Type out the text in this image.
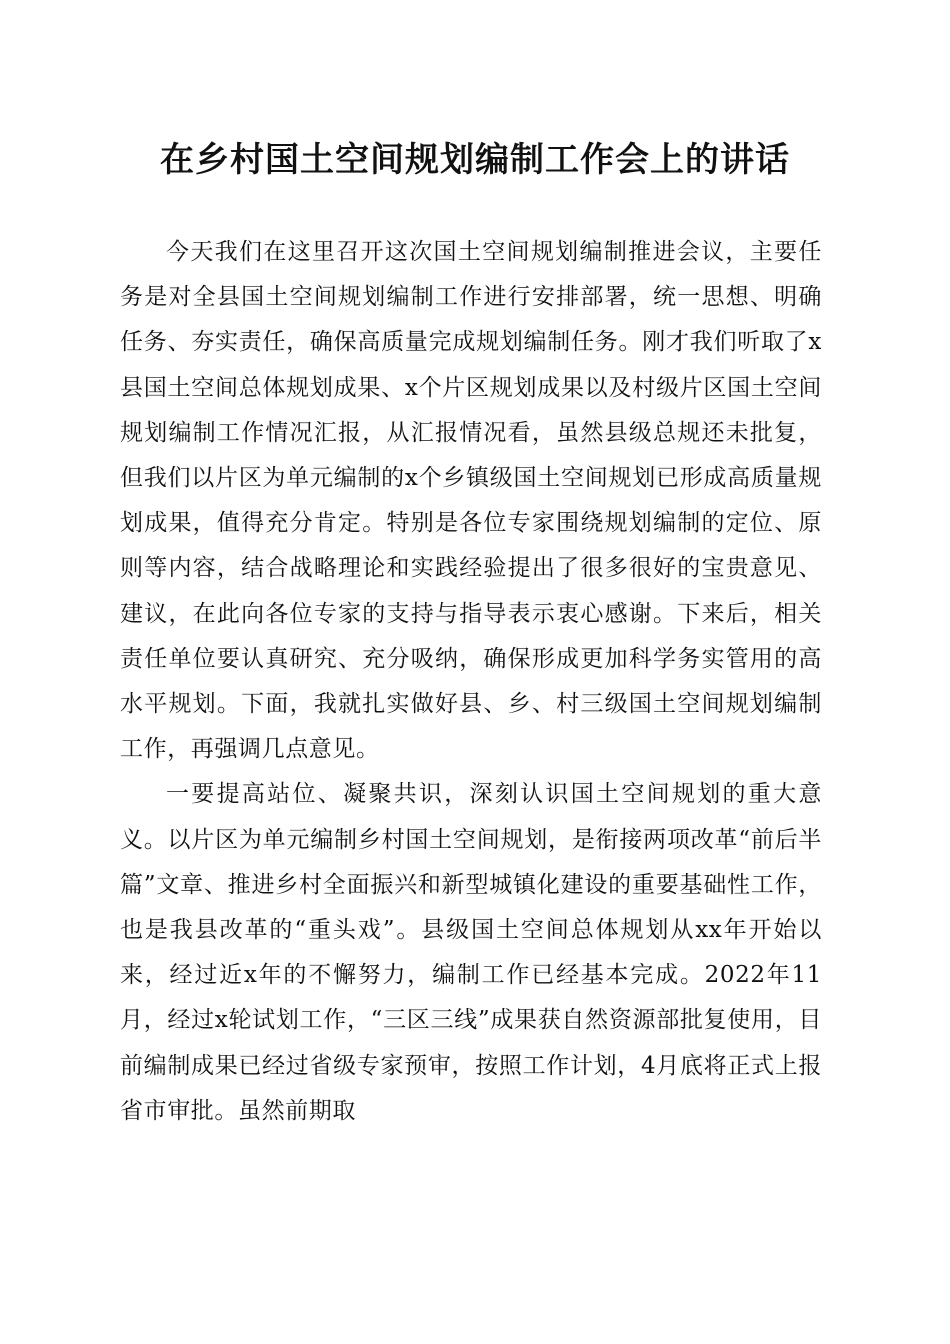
在乡村国土空间规划编制工作会上的讲话

今天我们在这里召开这次国土空间规划编制推进会议，主要任务是对全县国土空间规划编制工作进行安排部署，统一思想、明确任务、夯实责任，确保高质量完成规划编制任务。刚才我们听取了x县国土空间总体规划成果、x个片区规划成果以及村级片区国土空间规划编制工作情况汇报，从汇报情况看，虽然县级总规还未批复，但我们以片区为单元编制的x个乡镇级国土空间规划已形成高质量规划成果，值得充分肯定。特别是各位专家围绕规划编制的定位、原则等内容，结合战略理论和实践经验提出了很多很好的宝贵意见、建议，在此向各位专家的支持与指导表示衷心感谢。下来后，相关责任单位要认真研究、充分吸纳，确保形成更加科学务实管用的高水平规划。下面，我就扎实做好县、乡、村三级国土空间规划编制工作，再强调几点意见。

一要提高站位、凝聚共识，深刻认识国土空间规划的重大意义。以片区为单元编制乡村国土空间规划，是衔接两项改革“前后半篇”文章、推进乡村全面振兴和新型城镇化建设的重要基础性工作，也是我县改革的“重头戏”。县级国土空间总体规划从xx年开始以来，经过近x年的不懈努力，编制工作已经基本完成。2022年11月，经过x轮试划工作，“三区三线”成果获自然资源部批复使用，目前编制成果已经过省级专家预审，按照工作计划，4月底将正式上报省市审批。虽然前期取
